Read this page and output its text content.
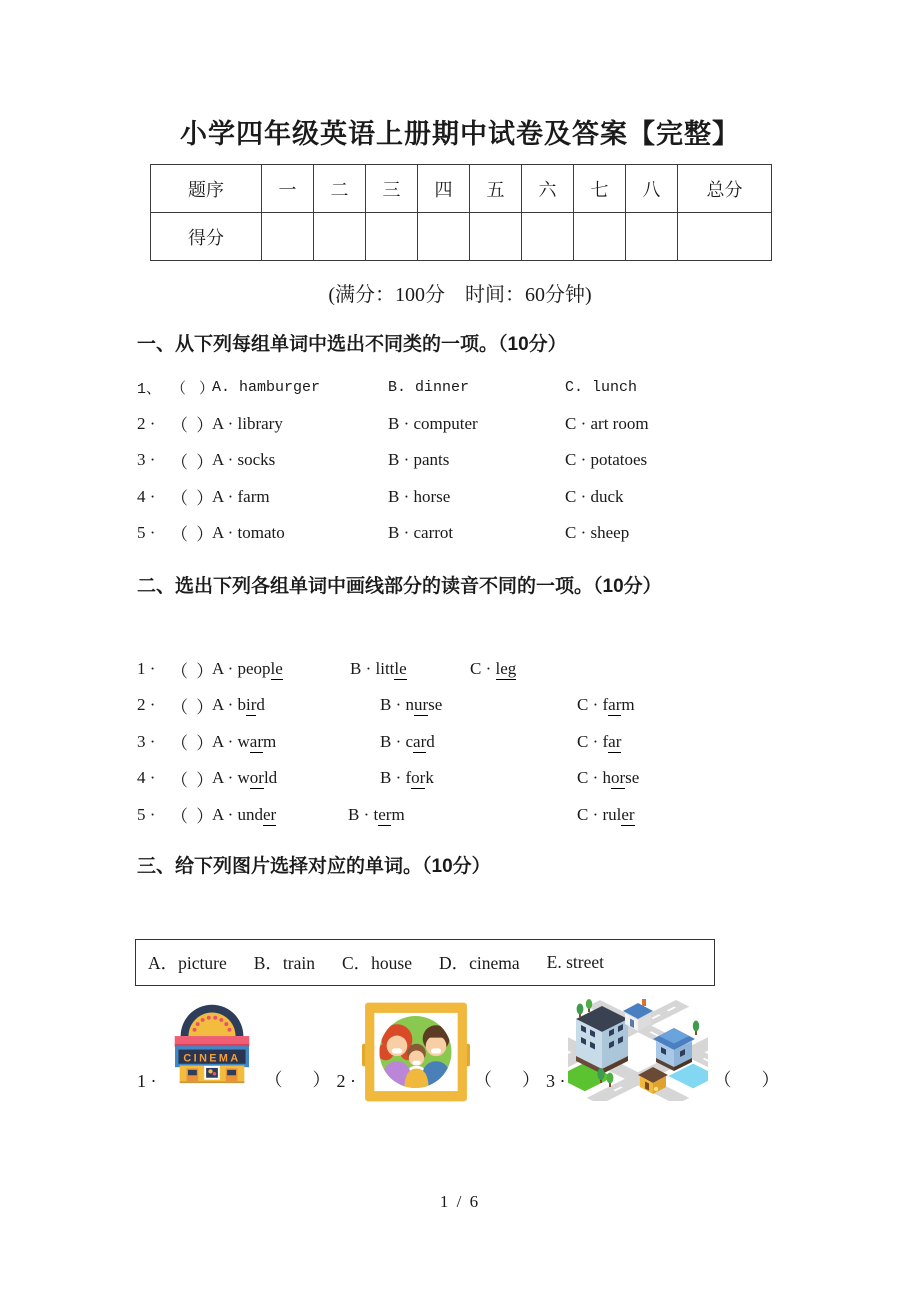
小学四年级英语上册期中试卷及答案【完整】
题序	一	二	三	四	五	六	七	八	总分
得分									
(满分：100分　时间：60分钟)
一、从下列每组单词中选出不同类的一项。（10分）
1、 （ ）
A. hamburger	B. dinner	C. lunch
2 · （ ）
A · library	B · computer	C · art room
3 · （ ）
A · socks	B · pants	C · potatoes
4 · （ ）
A · farm	B · horse	C · duck
5 · （ ）
A · tomato	B · carrot	C · sheep
二、选出下列各组单词中画线部分的读音不同的一项。（10分）
1 · （ ）
A · people	B · little	C · leg
2 · （ ）
A · bird	B · nurse	C · farm
3 · （ ）
A · warm	B · card	C · far
4 · （ ）
A · world	B · fork	C · horse
5 · （ ）
A · under	B · term	C · ruler
三、给下列图片选择对应的单词。（10分）
A．picture B．train C．house D．cinema E. street
1 ·
CINEMA
（　） 2 ·	（　） 3 ·	（　）
1 / 6
